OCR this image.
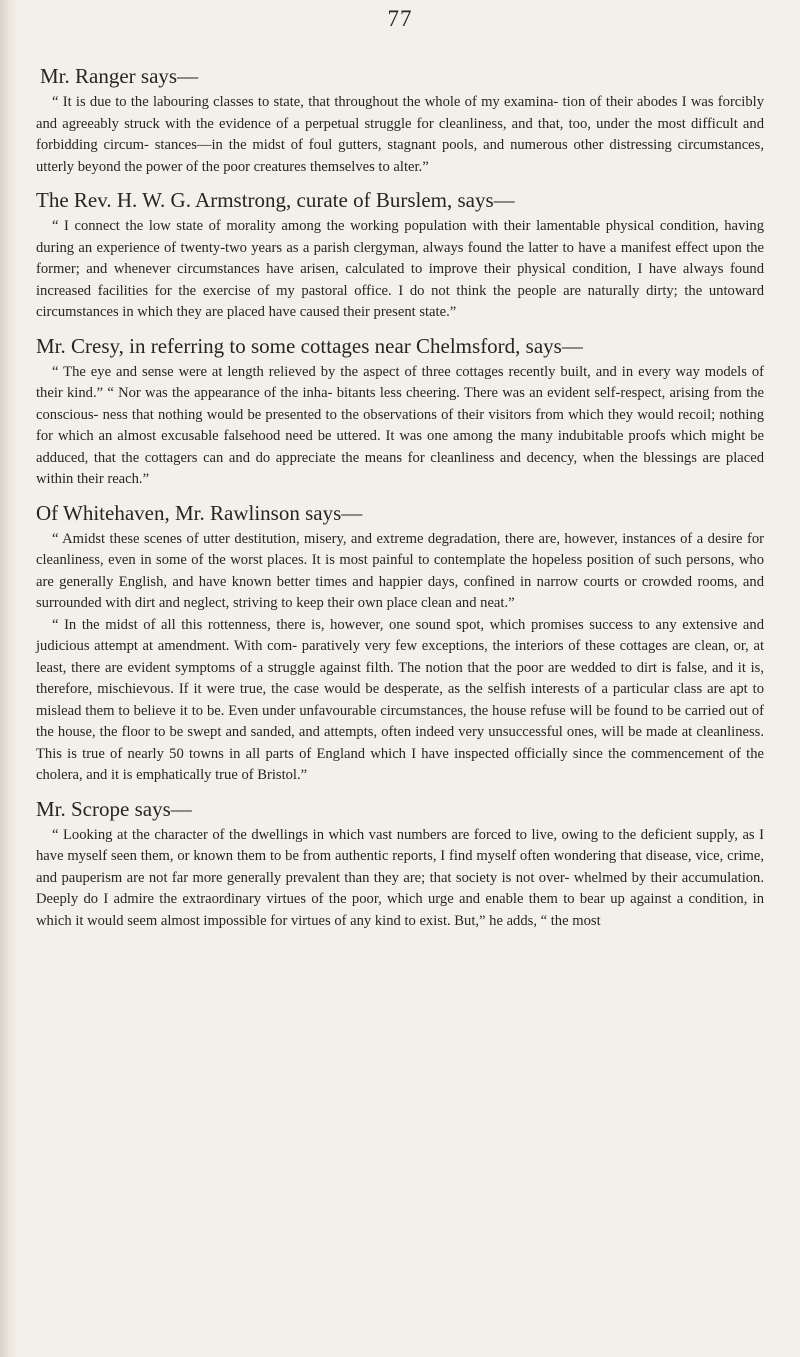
77
Mr. Ranger says—

“ It is due to the labouring classes to state, that throughout the whole of my examina- tion of their abodes I was forcibly and agreeably struck with the evidence of a perpetual struggle for cleanliness, and that, too, under the most difficult and forbidding circum- stances—in the midst of foul gutters, stagnant pools, and numerous other distressing circumstances, utterly beyond the power of the poor creatures themselves to alter.”

The Rev. H. W. G. Armstrong, curate of Burslem, says—

“ I connect the low state of morality among the working population with their lamentable physical condition, having during an experience of twenty-two years as a parish clergyman, always found the latter to have a manifest effect upon the former; and whenever circumstances have arisen, calculated to improve their physical condition, I have always found increased facilities for the exercise of my pastoral office. I do not think the people are naturally dirty; the untoward circumstances in which they are placed have caused their present state.”

Mr. Cresy, in referring to some cottages near Chelmsford, says—

“ The eye and sense were at length relieved by the aspect of three cottages recently built, and in every way models of their kind.” “ Nor was the appearance of the inha- bitants less cheering. There was an evident self-respect, arising from the conscious- ness that nothing would be presented to the observations of their visitors from which they would recoil; nothing for which an almost excusable falsehood need be uttered. It was one among the many indubitable proofs which might be adduced, that the cottagers can and do appreciate the means for cleanliness and decency, when the blessings are placed within their reach.”

Of Whitehaven, Mr. Rawlinson says—

“ Amidst these scenes of utter destitution, misery, and extreme degradation, there are, however, instances of a desire for cleanliness, even in some of the worst places. It is most painful to contemplate the hopeless position of such persons, who are generally English, and have known better times and happier days, confined in narrow courts or crowded rooms, and surrounded with dirt and neglect, striving to keep their own place clean and neat.”

“ In the midst of all this rottenness, there is, however, one sound spot, which promises success to any extensive and judicious attempt at amendment. With com- paratively very few exceptions, the interiors of these cottages are clean, or, at least, there are evident symptoms of a struggle against filth. The notion that the poor are wedded to dirt is false, and it is, therefore, mischievous. If it were true, the case would be desperate, as the selfish interests of a particular class are apt to mislead them to believe it to be. Even under unfavourable circumstances, the house refuse will be found to be carried out of the house, the floor to be swept and sanded, and attempts, often indeed very unsuccessful ones, will be made at cleanliness. This is true of nearly 50 towns in all parts of England which I have inspected officially since the commencement of the cholera, and it is emphatically true of Bristol.”

Mr. Scrope says—

“ Looking at the character of the dwellings in which vast numbers are forced to live, owing to the deficient supply, as I have myself seen them, or known them to be from authentic reports, I find myself often wondering that disease, vice, crime, and pauperism are not far more generally prevalent than they are; that society is not over- whelmed by their accumulation. Deeply do I admire the extraordinary virtues of the poor, which urge and enable them to bear up against a condition, in which it would seem almost impossible for virtues of any kind to exist. But,” he adds, “ the most
